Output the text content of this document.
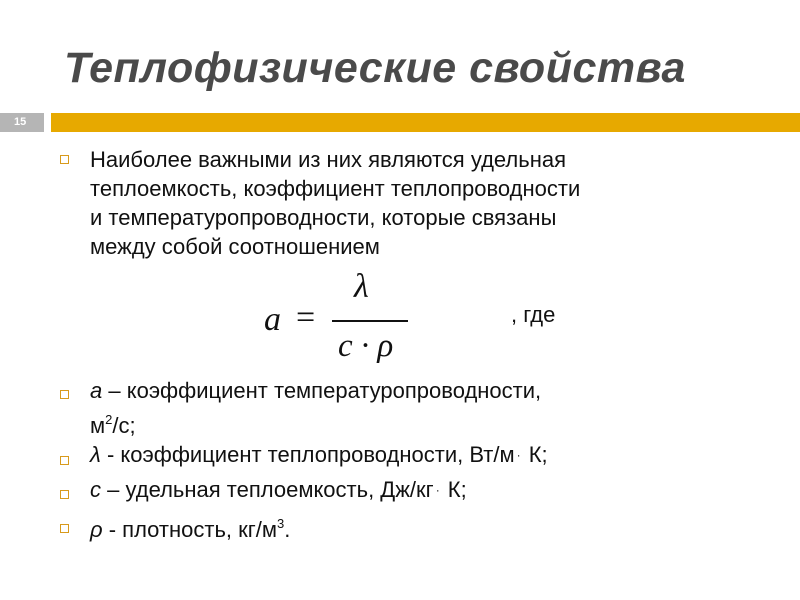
Теплофизические свойства
15
Наиболее важными из них являются удельная
теплоемкость, коэффициент теплопроводности
и температуропроводности, которые связаны
между собой соотношением
a =
λ
c · ρ
, где
a – коэффициент температуропроводности,
$м^2/с$;
λ - коэффициент теплопроводности, Вт/м · К;
с – удельная теплоемкость, Дж/кг · К;
ρ - плотность, $кг/м^3$.
